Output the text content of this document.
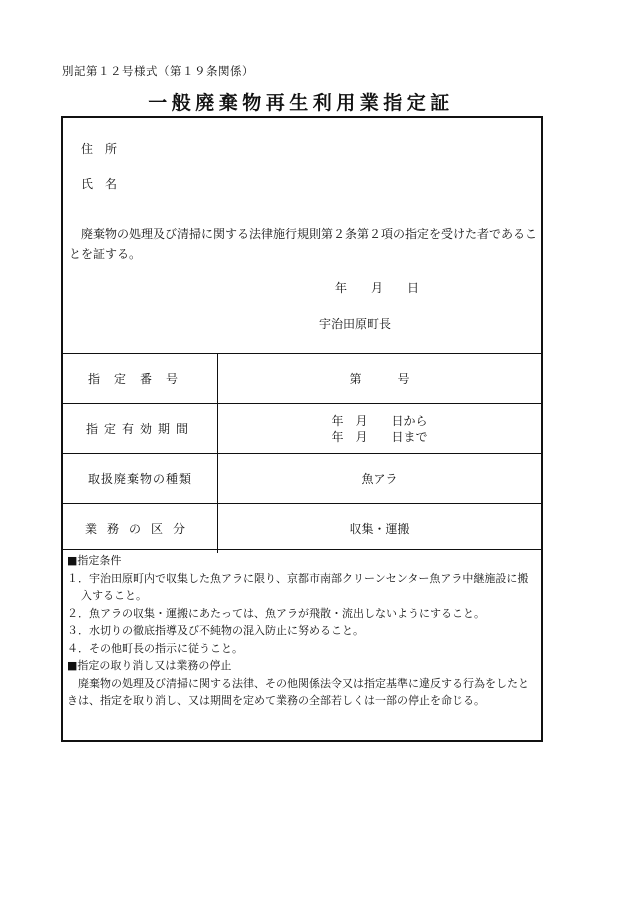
別記第１２号様式（第１９条関係）
一般廃棄物再生利用業指定証
住　所
氏　名
廃棄物の処理及び清掃に関する法律施行規則第２条第２項の指定を受けた者であることを証する。
年　　月　　日
宇治田原町長
指定番号	第　　　号
指定有効期間
年　月　　日から
年　月　　日まで
取扱廃棄物の種類	魚アラ
業務の区分	収集・運搬

■指定条件

１．宇治田原町内で収集した魚アラに限り、京都市南部クリーンセンター魚アラ中継施設に搬入すること。

２．魚アラの収集・運搬にあたっては、魚アラが飛散・流出しないようにすること。

３．水切りの徹底指導及び不純物の混入防止に努めること。

４．その他町長の指示に従うこと。

■指定の取り消し又は業務の停止

廃棄物の処理及び清掃に関する法律、その他関係法令又は指定基準に違反する行為をしたときは、指定を取り消し、又は期間を定めて業務の全部若しくは一部の停止を命じる。
